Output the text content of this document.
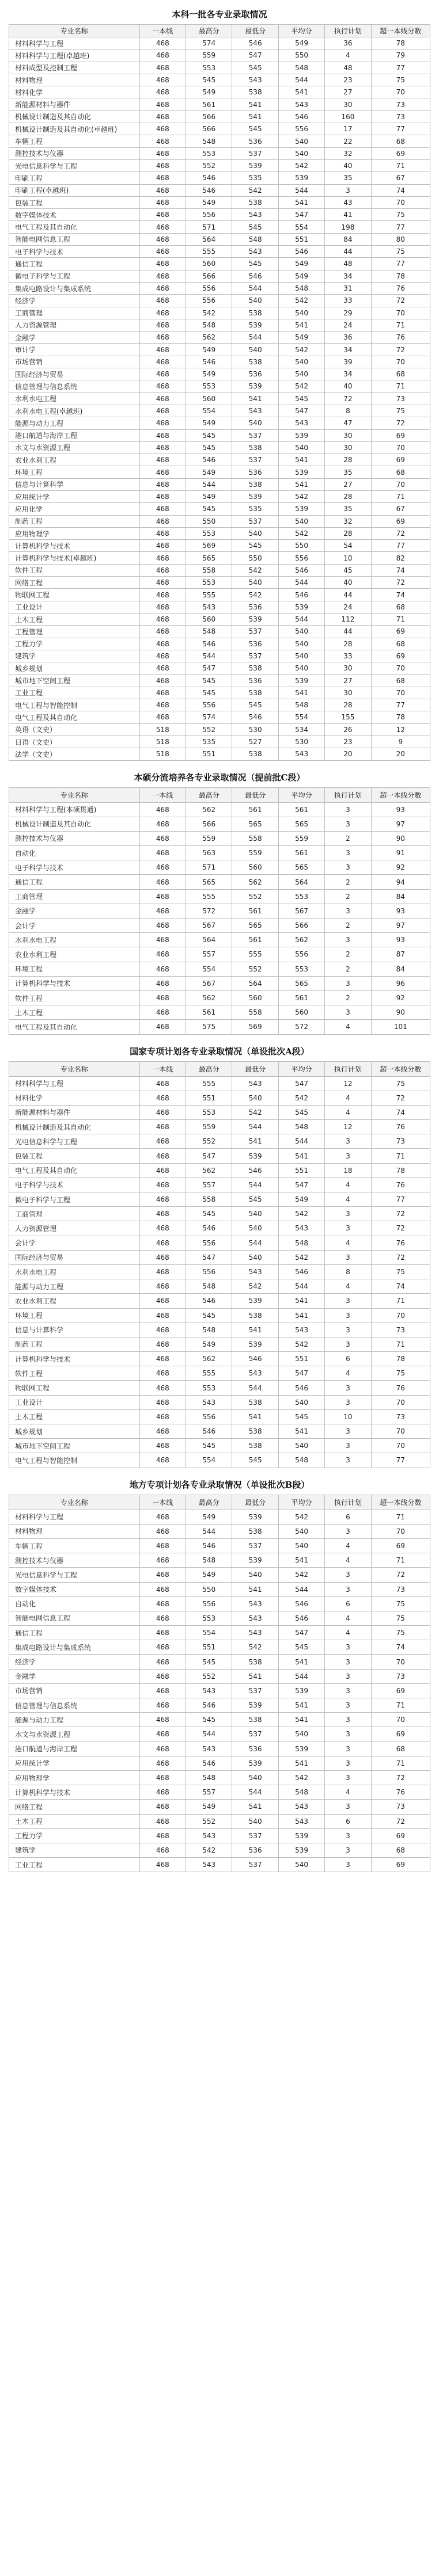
本科一批各专业录取情况
专业名称	一本线	最高分	最低分	平均分	执行计划	超一本线分数
材料科学与工程	468	574	546	549	36	78
材料科学与工程(卓越班)	468	559	547	550	4	79
材料成型及控制工程	468	553	545	548	48	77
材料物理	468	545	543	544	23	75
材料化学	468	549	538	541	27	70
新能源材料与器件	468	561	541	543	30	73
机械设计制造及其自动化	468	566	541	546	160	73
机械设计制造及其自动化(卓越班)	468	566	545	556	17	77
车辆工程	468	548	536	540	22	68
测控技术与仪器	468	553	537	540	32	69
光电信息科学与工程	468	552	539	542	40	71
印刷工程	468	546	535	539	35	67
印刷工程(卓越班)	468	546	542	544	3	74
包装工程	468	549	538	541	43	70
数字媒体技术	468	556	543	547	41	75
电气工程及其自动化	468	571	545	554	198	77
智能电网信息工程	468	564	548	551	84	80
电子科学与技术	468	555	543	546	44	75
通信工程	468	560	545	549	48	77
微电子科学与工程	468	566	546	549	34	78
集成电路设计与集成系统	468	556	544	548	31	76
经济学	468	556	540	542	33	72
工商管理	468	542	538	540	29	70
人力资源管理	468	548	539	541	24	71
金融学	468	562	544	549	36	76
审计学	468	549	540	542	34	72
市场营销	468	546	538	540	39	70
国际经济与贸易	468	549	536	540	34	68
信息管理与信息系统	468	553	539	542	40	71
水利水电工程	468	560	541	545	72	73
水利水电工程(卓越班)	468	554	543	547	8	75
能源与动力工程	468	549	540	543	47	72
港口航道与海岸工程	468	545	537	539	30	69
水文与水资源工程	468	545	538	540	30	70
农业水利工程	468	546	537	541	28	69
环境工程	468	549	536	539	35	68
信息与计算科学	468	544	538	541	27	70
应用统计学	468	549	539	542	28	71
应用化学	468	545	535	539	35	67
制药工程	468	550	537	540	32	69
应用物理学	468	553	540	542	28	72
计算机科学与技术	468	569	545	550	54	77
计算机科学与技术(卓越班)	468	565	550	556	10	82
软件工程	468	558	542	546	45	74
网络工程	468	553	540	544	40	72
物联网工程	468	555	542	546	44	74
工业设计	468	543	536	539	24	68
土木工程	468	560	539	544	112	71
工程管理	468	548	537	540	44	69
工程力学	468	546	536	540	28	68
建筑学	468	544	537	540	33	69
城乡规划	468	547	538	540	30	70
城市地下空间工程	468	545	536	539	27	68
工业工程	468	545	538	541	30	70
电气工程与智能控制	468	556	545	548	28	77
电气工程及其自动化	468	574	546	554	155	78
英语（文史）	518	552	530	534	26	12
日语（文史）	518	535	527	530	23	9
法学（文史）	518	551	538	543	20	20
本硕分流培养各专业录取情况（提前批C段）
专业名称	一本线	最高分	最低分	平均分	执行计划	超一本线分数
材料科学与工程(本硕贯通)	468	562	561	561	3	93
机械设计制造及其自动化	468	566	565	565	3	97
测控技术与仪器	468	559	558	559	2	90
自动化	468	563	559	561	3	91
电子科学与技术	468	571	560	565	3	92
通信工程	468	565	562	564	2	94
工商管理	468	555	552	553	2	84
金融学	468	572	561	567	3	93
会计学	468	567	565	566	2	97
水利水电工程	468	564	561	562	3	93
农业水利工程	468	557	555	556	2	87
环境工程	468	554	552	553	2	84
计算机科学与技术	468	567	564	565	3	96
软件工程	468	562	560	561	2	92
土木工程	468	561	558	560	3	90
电气工程及其自动化	468	575	569	572	4	101
国家专项计划各专业录取情况（单设批次A段）
专业名称	一本线	最高分	最低分	平均分	执行计划	超一本线分数
材料科学与工程	468	555	543	547	12	75
材料化学	468	551	540	542	4	72
新能源材料与器件	468	553	542	545	4	74
机械设计制造及其自动化	468	559	544	548	12	76
光电信息科学与工程	468	552	541	544	3	73
包装工程	468	547	539	541	3	71
电气工程及其自动化	468	562	546	551	18	78
电子科学与技术	468	557	544	547	4	76
微电子科学与工程	468	558	545	549	4	77
工商管理	468	545	540	542	3	72
人力资源管理	468	546	540	543	3	72
会计学	468	556	544	548	4	76
国际经济与贸易	468	547	540	542	3	72
水利水电工程	468	556	543	546	8	75
能源与动力工程	468	548	542	544	4	74
农业水利工程	468	546	539	541	3	71
环境工程	468	545	538	541	3	70
信息与计算科学	468	548	541	543	3	73
制药工程	468	549	539	542	3	71
计算机科学与技术	468	562	546	551	6	78
软件工程	468	555	543	547	4	75
物联网工程	468	553	544	546	3	76
工业设计	468	543	538	540	3	70
土木工程	468	556	541	545	10	73
城乡规划	468	546	538	541	3	70
城市地下空间工程	468	545	538	540	3	70
电气工程与智能控制	468	554	545	548	3	77
地方专项计划各专业录取情况（单设批次B段）
专业名称	一本线	最高分	最低分	平均分	执行计划	超一本线分数
材料科学与工程	468	549	539	542	6	71
材料物理	468	544	538	540	3	70
车辆工程	468	546	537	540	4	69
测控技术与仪器	468	548	539	541	4	71
光电信息科学与工程	468	549	540	542	3	72
数字媒体技术	468	550	541	544	3	73
自动化	468	556	543	546	6	75
智能电网信息工程	468	553	543	546	4	75
通信工程	468	554	543	547	4	75
集成电路设计与集成系统	468	551	542	545	3	74
经济学	468	545	538	541	3	70
金融学	468	552	541	544	3	73
市场营销	468	543	537	539	3	69
信息管理与信息系统	468	546	539	541	3	71
能源与动力工程	468	545	538	541	3	70
水文与水资源工程	468	544	537	540	3	69
港口航道与海岸工程	468	543	536	539	3	68
应用统计学	468	546	539	541	3	71
应用物理学	468	548	540	542	3	72
计算机科学与技术	468	557	544	548	4	76
网络工程	468	549	541	543	3	73
土木工程	468	552	540	543	6	72
工程力学	468	543	537	539	3	69
建筑学	468	542	536	539	3	68
工业工程	468	543	537	540	3	69
